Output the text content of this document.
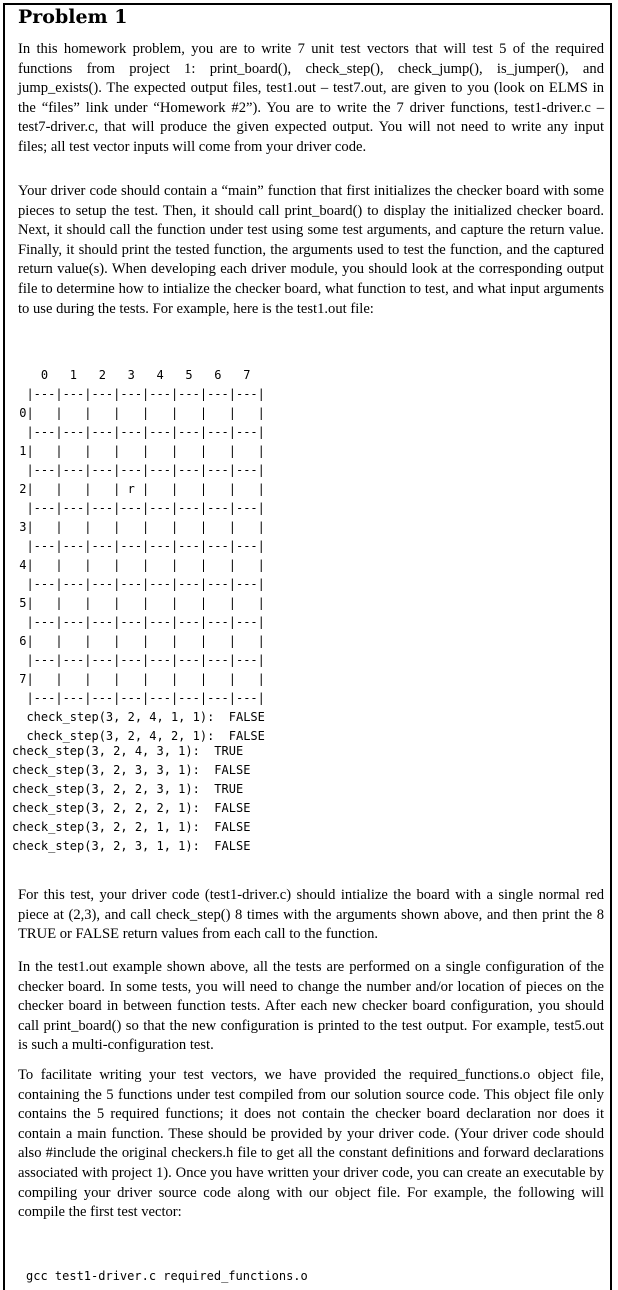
Problem 1

In this homework problem, you are to write 7 unit test vectors that will test 5 of the required functions from project 1: print_board(), check_step(), check_jump(), is_jumper(), and jump_exists(). The expected output files, test1.out – test7.out, are given to you (look on ELMS in the “files” link under “Homework #2”). You are to write the 7 driver functions, test1-driver.c – test7-driver.c, that will produce the given expected output. You will not need to write any input files; all test vector inputs will come from your driver code.

Your driver code should contain a “main” function that first initializes the checker board with some pieces to setup the test. Then, it should call print_board() to display the initialized checker board. Next, it should call the function under test using some test arguments, and capture the return value. Finally, it should print the tested function, the arguments used to test the function, and the captured return value(s). When developing each driver module, you should look at the corresponding output file to determine how to intialize the checker board, what function to test, and what input arguments to use during the tests. For example, here is the test1.out file:

0   1   2   3   4   5   6   7
|---|---|---|---|---|---|---|---|
0|   |   |   |   |   |   |   |   |
|---|---|---|---|---|---|---|---|
1|   |   |   |   |   |   |   |   |
|---|---|---|---|---|---|---|---|
2|   |   |   | r |   |   |   |   |
|---|---|---|---|---|---|---|---|
3|   |   |   |   |   |   |   |   |
|---|---|---|---|---|---|---|---|
4|   |   |   |   |   |   |   |   |
|---|---|---|---|---|---|---|---|
5|   |   |   |   |   |   |   |   |
|---|---|---|---|---|---|---|---|
6|   |   |   |   |   |   |   |   |
|---|---|---|---|---|---|---|---|
7|   |   |   |   |   |   |   |   |
|---|---|---|---|---|---|---|---|
check_step(3, 2, 4, 1, 1):  FALSE
check_step(3, 2, 4, 2, 1):  FALSE
check_step(3, 2, 4, 3, 1):  TRUE
check_step(3, 2, 3, 3, 1):  FALSE
check_step(3, 2, 2, 3, 1):  TRUE
check_step(3, 2, 2, 2, 1):  FALSE
check_step(3, 2, 2, 1, 1):  FALSE
check_step(3, 2, 3, 1, 1):  FALSE

For this test, your driver code (test1-driver.c) should intialize the board with a single normal red piece at (2,3), and call check_step() 8 times with the arguments shown above, and then print the 8 TRUE or FALSE return values from each call to the function.

In the test1.out example shown above, all the tests are performed on a single configuration of the checker board. In some tests, you will need to change the number and/or location of pieces on the checker board in between function tests. After each new checker board configuration, you should call print_board() so that the new configuration is printed to the test output. For example, test5.out is such a multi-configuration test.

To facilitate writing your test vectors, we have provided the required_functions.o object file, containing the 5 functions under test compiled from our solution source code. This object file only contains the 5 required functions; it does not contain the checker board declaration nor does it contain a main function. These should be provided by your driver code. (Your driver code should also #include the original checkers.h file to get all the constant definitions and forward declarations associated with project 1). Once you have written your driver code, you can create an executable by compiling your driver source code along with our object file. For example, the following will compile the first test vector:

gcc test1-driver.c required_functions.o
